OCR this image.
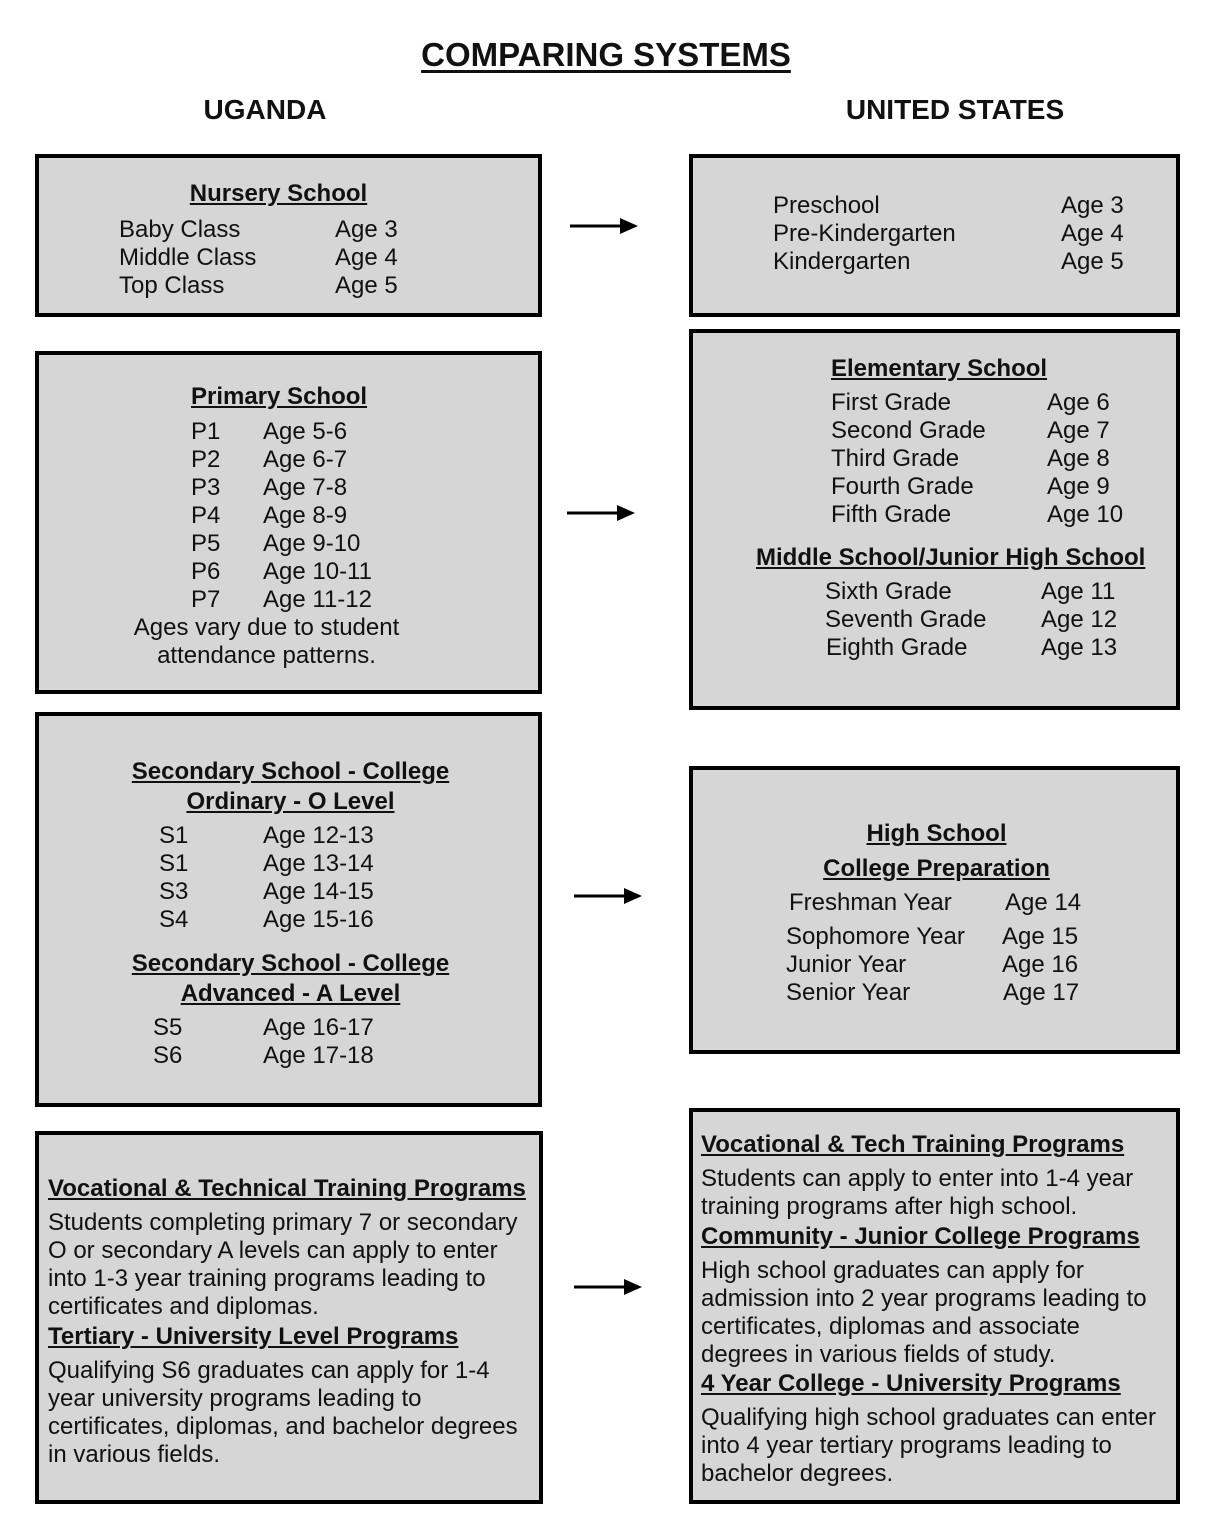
COMPARING SYSTEMS
UGANDA	UNITED STATES
Nursery School
Baby Class	Age 3
Middle Class	Age 4
Top Class	Age 5
Primary School
P1 Age 5-6
P2 Age 6-7
P3 Age 7-8
P4 Age 8-9
P5 Age 9-10
P6 Age 10-11
P7 Age 11-12
Ages vary due to student
attendance patterns.
Secondary School - College
Ordinary - O Level
S1	Age 12-13
S1	Age 13-14
S3	Age 14-15
S4	Age 15-16
Secondary School - College
Advanced - A Level
S5	Age 16-17
S6	Age 17-18
Vocational & Technical Training Programs
Students completing primary 7 or secondary O or secondary A levels can apply to enter into 1-3 year training programs leading to certificates and diplomas.
Tertiary - University Level Programs
Qualifying S6 graduates can apply for 1-4 year university programs leading to certificates, diplomas, and bachelor degrees in various fields.
Preschool	Age 3
Pre-Kindergarten	Age 4
Kindergarten	Age 5
Elementary School
First Grade	Age 6
Second Grade	Age 7
Third Grade	Age 8
Fourth Grade	Age 9
Fifth Grade	Age 10
Middle School/Junior High School
Sixth Grade	Age 11
Seventh Grade Age 12
Eighth Grade	Age 13
High School
College Preparation
Freshman Year Age 14
Sophomore Year Age 15
Junior Year	Age 16
Senior Year	Age 17
Vocational & Tech Training Programs
Students can apply to enter into 1-4 year training programs after high school.
Community - Junior College Programs
High school graduates can apply for admission into 2 year programs leading to certificates, diplomas and associate degrees in various fields of study.
4 Year College - University Programs
Qualifying high school graduates can enter into 4 year tertiary programs leading to bachelor degrees.
